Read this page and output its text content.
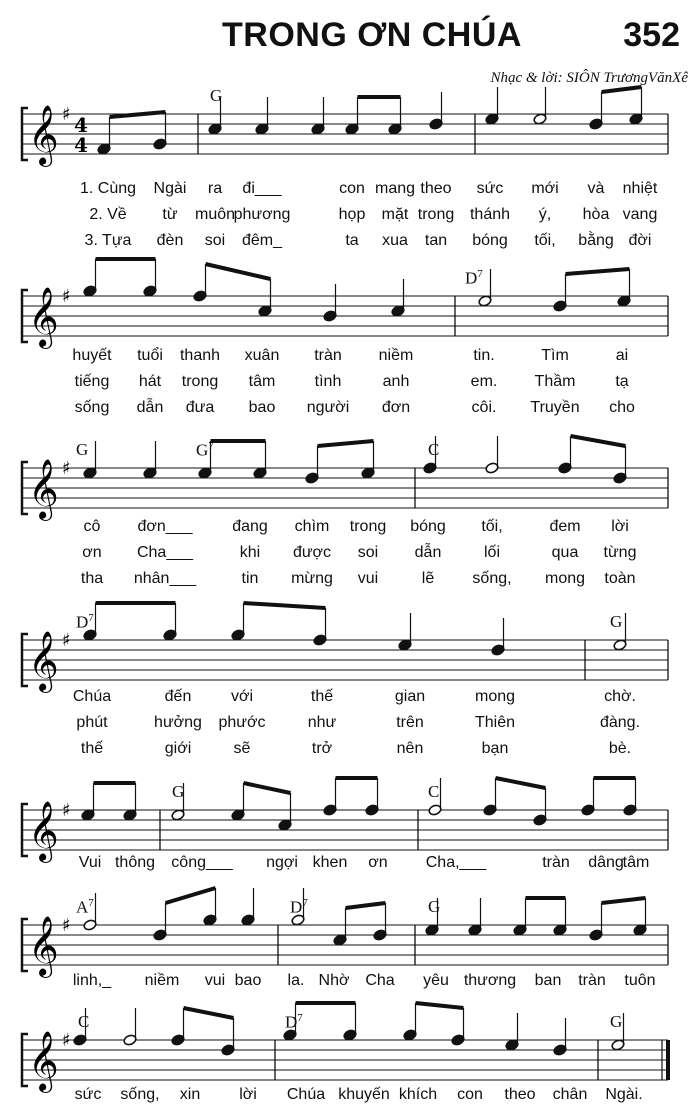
TRONG ƠN CHÚA	352
Nhạc & lời: SIÔN TrươngVănXê
𝄞 ♯ 4
4
G
1. Cùng Ngài ra đi___	con mang theo sức mới và nhiệt
2. Về từ muôn
phương	họp mặt trong thánh ý, hòa vang
3. Tựa đèn soi đêm_	ta xua tan bóng tối, bằng đời
𝄞 ♯
$D^7$
huyết tuổi thanh xuân tràn niềm	tin.	Tìm	ai
tiếng hát trong tâm tình	anh	em. Thầm tạ
sống dẫn đưa bao người đơn	côi. Truyền cho
𝄞 ♯
G	$G^7$	C
cô đơn___ đang chìm trong bóng tối,	đem lời
ơn Cha___	khi được soi dẫn	lối	qua từng
tha nhân___	tin mừng vui	lẽ sống, mong toàn
𝄞 ♯
$D^7$	G
Chúa	đến với	thế	gian	mong	chờ.
phút	hưởng phước	như	trên	Thiên	đàng.
thế	giới	sẽ	trở	nên	bạn	bè.
𝄞 ♯
G	C
Vui thông công___ ngợi khen ơn Cha,___	tràn dâng
tâm
𝄞 ♯
$A^7$	$D^7$	G
linh,_ niềm vui bao la. Nhờ Cha yêu thương ban tràn tuôn
𝄞 ♯
C	$D^7$	G
sức sống, xin lời Chúa khuyến khích con theo chân Ngài.
